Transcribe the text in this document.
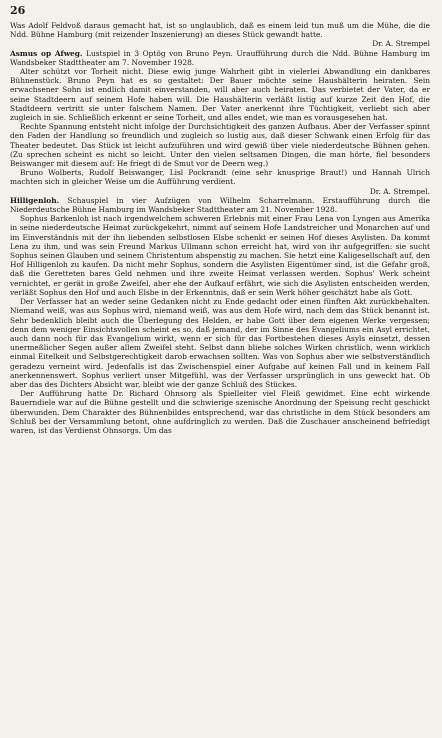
26

Was Adolf Feldvoß daraus gemacht hat, ist so unglaublich, daß es einem leid tun muß um die Mühe, die die Ndd. Bühne Hamburg (mit reizender Inszenierung) an dieses Stück gewandt hatte.
Dr. A. Strempel

Asmus op Afweg. Lustspiel in 3 Optög von Bruno Peyn. Uraufführung durch die Ndd. Bühne Hamburg im Wandsbeker Stadttheater am 7. November 1928.

Alter schützt vor Torheit nicht. Diese ewig junge Wahrheit gibt in vielerlei Abwandlung ein dankbares Bühnenstück. Bruno Peyn hat es so gestaltet: Der Bauer möchte seine Haushälterin heiraten. Sein erwachsener Sohn ist endlich damit einverstanden, will aber auch heiraten. Das verbietet der Vater, da er seine Stadtdeern auf seinem Hofe haben will. Die Haushälterin verläßt listig auf kurze Zeit den Hof, die Stadtdeern vertritt sie unter falschem Namen. Der Vater anerkennt ihre Tüchtigkeit, verliebt sich aber zugleich in sie. Schließlich erkennt er seine Torheit, und alles endet, wie man es vorausgesehen hat.

Rechte Spannung entsteht nicht infolge der Durchsichtigkeit des ganzen Aufbaus. Aber der Verfasser spinnt den Faden der Handlung so freundlich und zugleich so lustig aus, daß dieser Schwank einen Erfolg für das Theater bedeutet. Das Stück ist leicht aufzuführen und wird gewiß über viele niederdeutsche Bühnen gehen. (Zu sprechen scheint es nicht so leicht. Unter den vielen seltsamen Dingen, die man hörte, fiel besonders Beiswanger mit diesem auf: He friegt di de Smut vor de Deern weg.)

Bruno Wolberts, Rudolf Beiswanger, Lisl Pockrandt (eine sehr knusprige Braut!) und Hannah Ulrich machten sich in gleicher Weise um die Aufführung verdient.
Dr. A. Strempel.

Hilligenloh. Schauspiel in vier Aufzügen von Wilhelm Scharrelmann. Erstaufführung durch die Niederdeutsche Bühne Hamburg im Wandsbeker Stadttheater am 21. November 1928.

Sophus Barkenloh ist nach irgendwelchem schweren Erlebnis mit einer Frau Lena von Lyngen aus Amerika in seine niederdeutsche Heimat zurückgekehrt, nimmt auf seinem Hofe Landstreicher und Monarchen auf und im Einverständnis mit der ihn liebenden selbstlosen Elsbe schenkt er seinen Hof dieses Asylisten. Da kommt Lena zu ihm, und was sein Freund Markus Ullmann schon erreicht hat, wird von ihr aufgegriffen: sie sucht Sophus seinen Glauben und seinem Christentum abspenstig zu machen. Sie hetzt eine Kaligesellschaft auf, den Hof Hilligenloh zu kaufen. Da nicht mehr Sophus, sondern die Asylisten Eigentümer sind, ist die Gefahr groß, daß die Geretteten bares Geld nehmen und ihre zweite Heimat verlassen werden. Sophus' Werk scheint vernichtet, er gerät in große Zweifel, aber ehe der Aufkauf erfährt, wie sich die Asylisten entscheiden werden, verläßt Sophus den Hof und auch Elsbe in der Erkenntnis, daß er sein Werk höher geschätzt habe als Gott.

Der Verfasser hat an weder seine Gedanken nicht zu Ende gedacht oder einen fünften Akt zurückbehalten. Niemand weiß, was aus Sophus wird, niemand weiß, was aus dem Hofe wird, nach dem das Stück benannt ist. Sehr bedenklich bleibt auch die Überlegung des Helden, er habe Gott über dem eigenen Werke vergessen; denn dem weniger Einsichtsvollen scheint es so, daß jemand, der im Sinne des Evangeliums ein Asyl errichtet, auch dann noch für das Evangelium wirkt, wenn er sich für das Fortbestehen dieses Asyls einsetzt, dessen unermeßlicher Segen außer allem Zweifel steht. Selbst dann bliebe solches Wirken christlich, wenn wirklich einmal Eitelkeit und Selbstgerechtigkeit darob erwachsen sollten. Was von Sophus aber wie selbstverständlich geradezu verneint wird. Jedenfalls ist das Zwischenspiel einer Aufgabe auf keinen Fall und in keinem Fall anerkennenswert. Sophus verliert unser Mitgefühl, was der Verfasser ursprünglich in uns geweckt hat. Ob aber das des Dichters Absicht war, bleibt wie der ganze Schluß des Stückes.

Der Aufführung hatte Dr. Richard Ohnsorg als Spielleiter viel Fleiß gewidmet. Eine echt wirkende Bauerndiele war auf die Bühne gestellt und die schwierige szenische Anordnung der Speisung recht geschickt überwunden. Dem Charakter des Bühnenbildes entsprechend, war das christliche in dem Stück besonders am Schluß bei der Versammlung betont, ohne aufdringlich zu werden. Daß die Zuschauer anscheinend befriedigt waren, ist das Verdienst Ohnsorgs. Um das
